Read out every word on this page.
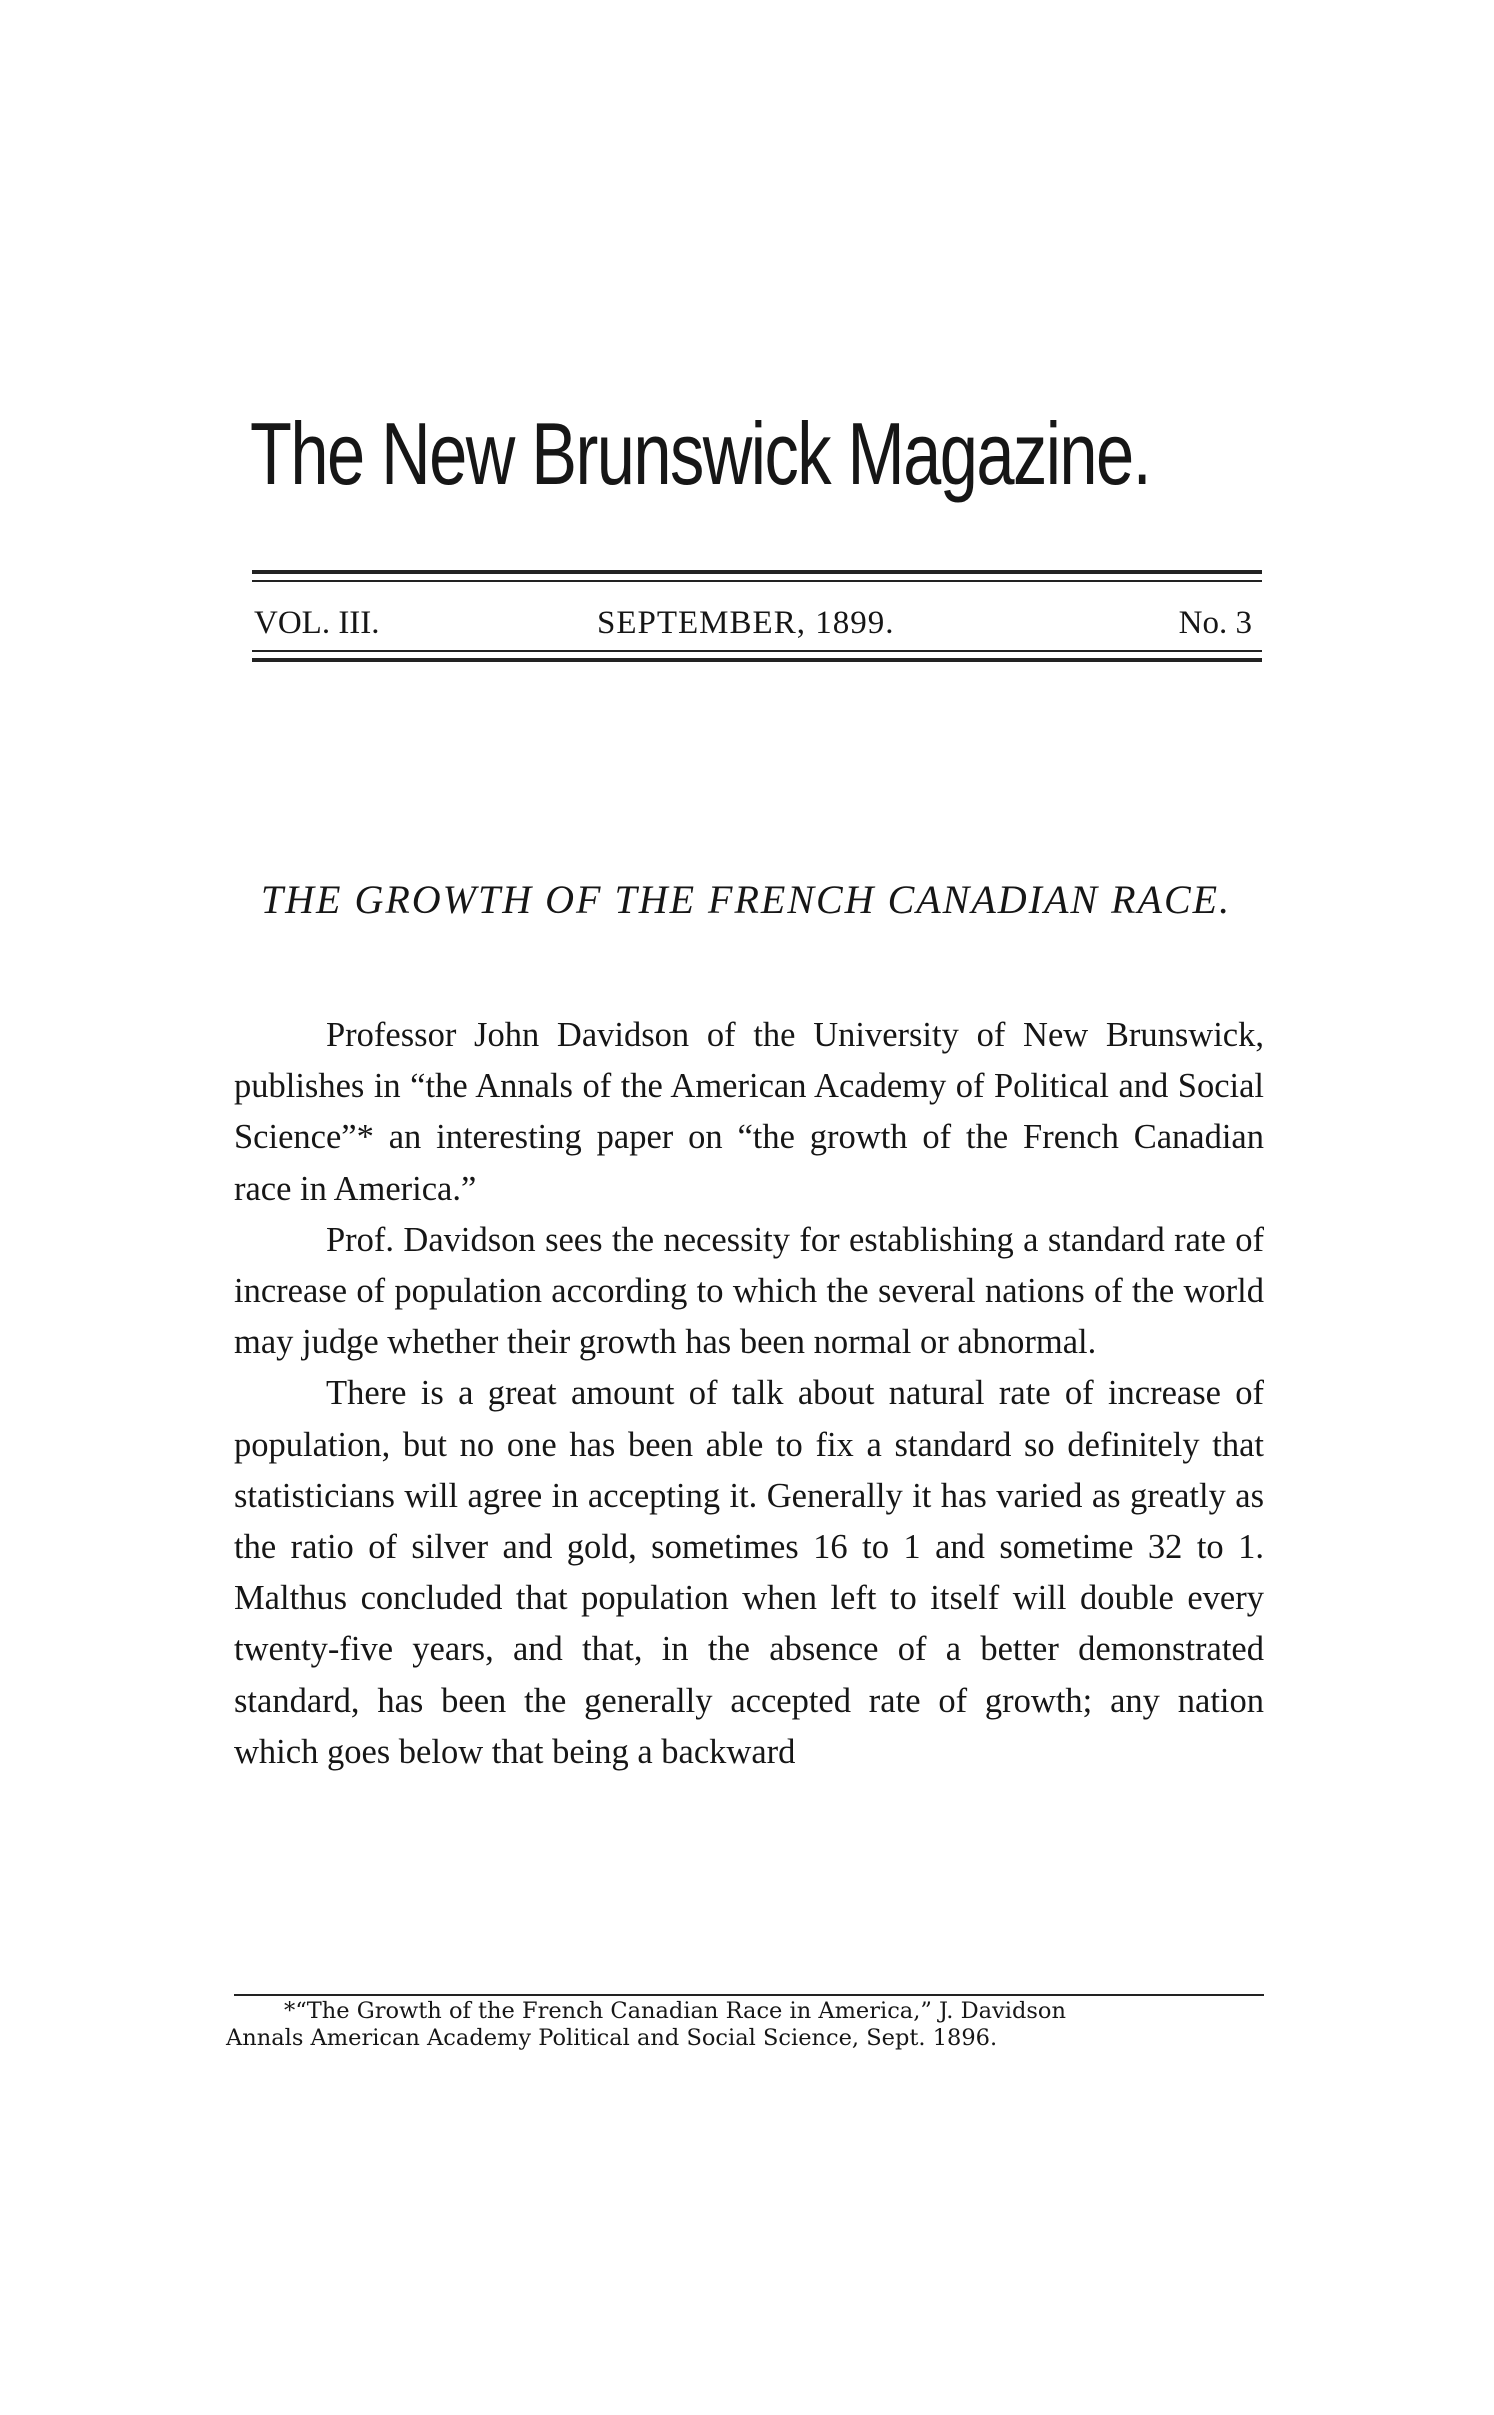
The New Brunswick Magazine.
VOL. III.	SEPTEMBER, 1899.	No. 3
THE GROWTH OF THE FRENCH CANADIAN RACE.

Professor John Davidson of the University of New Brunswick, publishes in “the Annals of the American Academy of Political and Social Science”* an interesting paper on “the growth of the French Canadian race in America.”

Prof. Davidson sees the necessity for establishing a standard rate of increase of population according to which the several nations of the world may judge whether their growth has been normal or abnormal.

There is a great amount of talk about natural rate of increase of population, but no one has been able to fix a standard so definitely that statisticians will agree in accepting it. Generally it has varied as greatly as the ratio of silver and gold, sometimes 16 to 1 and sometime 32 to 1. Malthus concluded that population when left to itself will double every twenty-five years, and that, in the absence of a better demonstrated standard, has been the generally accepted rate of growth; any nation which goes below that being a backward

*“The Growth of the French Canadian Race in America,” J. Davidson
Annals American Academy Political and Social Science, Sept. 1896.
